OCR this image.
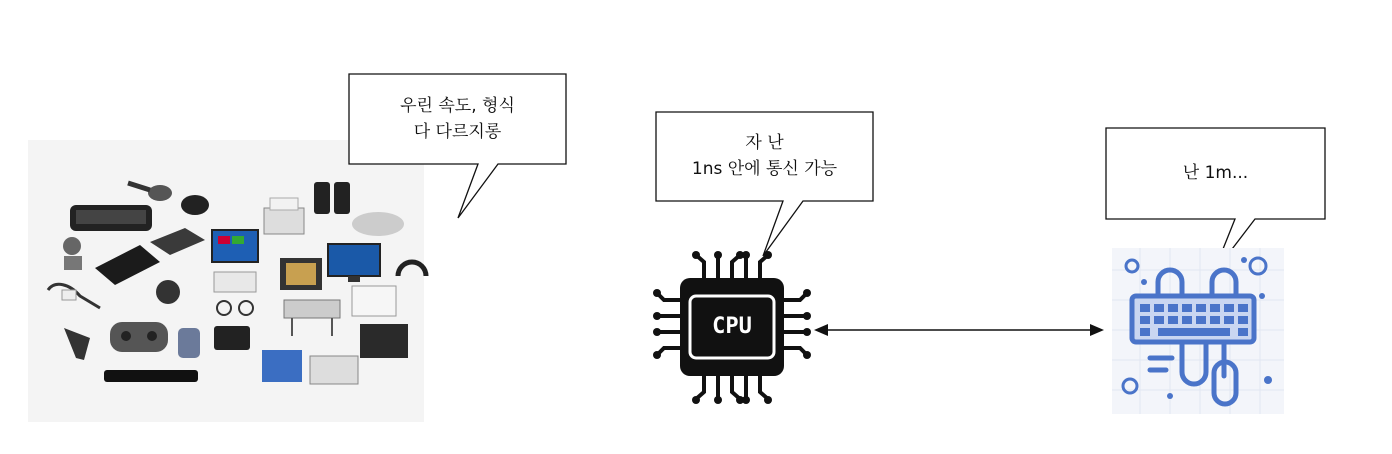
CPU
우린 속도, 형식
다 다르지롱
자 난
1ns 안에 통신 가능	난 1m...
